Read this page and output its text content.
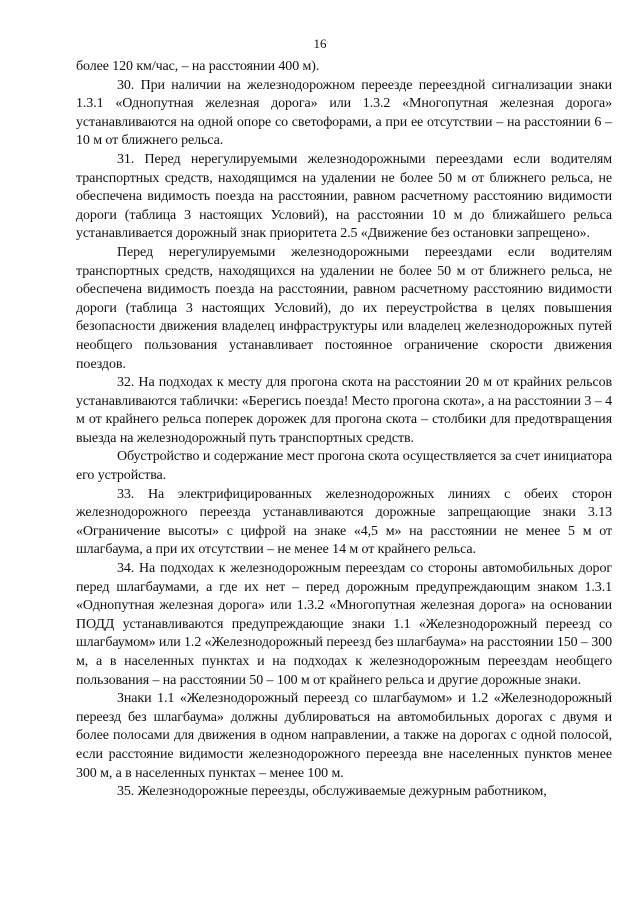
16

более 120 км/час, – на расстоянии 400 м).

30. При наличии на железнодорожном переезде переездной сигнализации знаки 1.3.1 «Однопутная железная дорога» или 1.3.2 «Многопутная железная дорога» устанавливаются на одной опоре со светофорами, а при ее отсутствии – на расстоянии 6 – 10 м от ближнего рельса.

31. Перед нерегулируемыми железнодорожными переездами если водителям транспортных средств, находящимся на удалении не более 50 м от ближнего рельса, не обеспечена видимость поезда на расстоянии, равном расчетному расстоянию видимости дороги (таблица 3 настоящих Условий), на расстоянии 10 м до ближайшего рельса устанавливается дорожный знак приоритета 2.5 «Движение без остановки запрещено».

Перед нерегулируемыми железнодорожными переездами если водителям транспортных средств, находящихся на удалении не более 50 м от ближнего рельса, не обеспечена видимость поезда на расстоянии, равном расчетному расстоянию видимости дороги (таблица 3 настоящих Условий), до их переустройства в целях повышения безопасности движения владелец инфраструктуры или владелец железнодорожных путей необщего пользования устанавливает постоянное ограничение скорости движения поездов.

32. На подходах к месту для прогона скота на расстоянии 20 м от крайних рельсов устанавливаются таблички: «Берегись поезда! Место прогона скота», а на расстоянии 3 – 4 м от крайнего рельса поперек дорожек для прогона скота – столбики для предотвращения выезда на железнодорожный путь транспортных средств.

Обустройство и содержание мест прогона скота осуществляется за счет инициатора его устройства.

33. На электрифицированных железнодорожных линиях с обеих сторон железнодорожного переезда устанавливаются дорожные запрещающие знаки 3.13 «Ограничение высоты» с цифрой на знаке «4,5 м» на расстоянии не менее 5 м от шлагбаума, а при их отсутствии – не менее 14 м от крайнего рельса.

34. На подходах к железнодорожным переездам со стороны автомобильных дорог перед шлагбаумами, а где их нет – перед дорожным предупреждающим знаком 1.3.1 «Однопутная железная дорога» или 1.3.2 «Многопутная железная дорога» на основании ПОДД устанавливаются предупреждающие знаки 1.1 «Железнодорожный переезд со шлагбаумом» или 1.2 «Железнодорожный переезд без шлагбаума» на расстоянии 150 – 300 м, а в населенных пунктах и на подходах к железнодорожным переездам необщего пользования – на расстоянии 50 – 100 м от крайнего рельса и другие дорожные знаки.

Знаки 1.1 «Железнодорожный переезд со шлагбаумом» и 1.2 «Железнодорожный переезд без шлагбаума» должны дублироваться на автомобильных дорогах с двумя и более полосами для движения в одном направлении, а также на дорогах с одной полосой, если расстояние видимости железнодорожного переезда вне населенных пунктов менее 300 м, а в населенных пунктах – менее 100 м.

35. Железнодорожные переезды, обслуживаемые дежурным работником,
